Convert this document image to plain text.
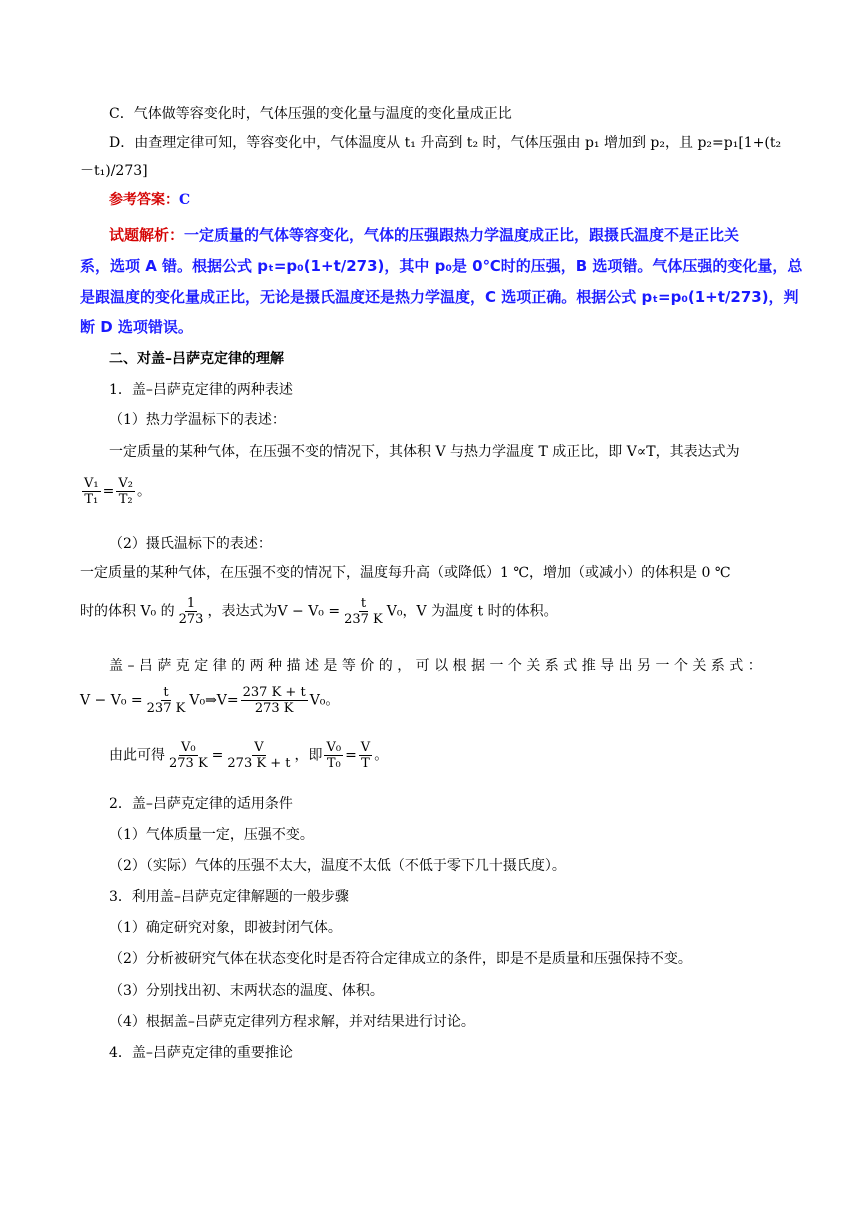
C．气体做等容变化时，气体压强的变化量与温度的变化量成正比
D．由查理定律可知，等容变化中，气体温度从 t₁ 升高到 t₂ 时，气体压强由 p₁ 增加到 p₂，且 p₂=p₁[1+(t₂
－t₁)/273]
参考答案：C
试题解析：一定质量的气体等容变化，气体的压强跟热力学温度成正比，跟摄氏温度不是正比关
系，选项 A 错。根据公式 pₜ=p₀(1+t/273)，其中 p₀是 0℃时的压强，B 选项错。气体压强的变化量，总
是跟温度的变化量成正比，无论是摄氏温度还是热力学温度，C 选项正确。根据公式 pₜ=p₀(1+t/273)，判
断 D 选项错误。
二、对盖–吕萨克定律的理解
1．盖–吕萨克定律的两种表述
（1）热力学温标下的表述：
一定质量的某种气体，在压强不变的情况下，其体积 V 与热力学温度 T 成正比，即 V∝T，其表达式为
$\frac{\text{V₁}}{\text{T₁}} = \frac{\text{V₂}}{\text{T₂}}$ 。
（2）摄氏温标下的表述：
一定质量的某种气体，在压强不变的情况下，温度每升高（或降低）1 ℃，增加（或减小）的体积是 0 ℃
时的体积 V₀ 的 $\frac{1}{273}$ ，表达式为$V - V_0 = \frac{t}{237 K} V_0$，V 为温度 t 时的体积。
盖 – 吕 萨 克 定 律 的 两 种 描 述 是 等 价 的 ， 可 以 根 据 一 个 关 系 式 推 导 出 另 一 个 关 系 式 ：
$V - V_0 = \frac{t}{237 K}$ V₀⇒V= $\frac{237 K + t}{273 K} V_0$。
由此可得 $\frac{\text{V₀}}{273 K} = \frac{V}{273 K + t}$ ，即 $\frac{\text{V₀}}{\text{T₀}} = \frac{V}{T}$ 。
2．盖–吕萨克定律的适用条件
（1）气体质量一定，压强不变。
（2）（实际）气体的压强不太大，温度不太低（不低于零下几十摄氏度）。
3．利用盖–吕萨克定律解题的一般步骤
（1）确定研究对象，即被封闭气体。
（2）分析被研究气体在状态变化时是否符合定律成立的条件，即是不是质量和压强保持不变。
（3）分别找出初、末两状态的温度、体积。
（4）根据盖–吕萨克定律列方程求解，并对结果进行讨论。
4．盖–吕萨克定律的重要推论
